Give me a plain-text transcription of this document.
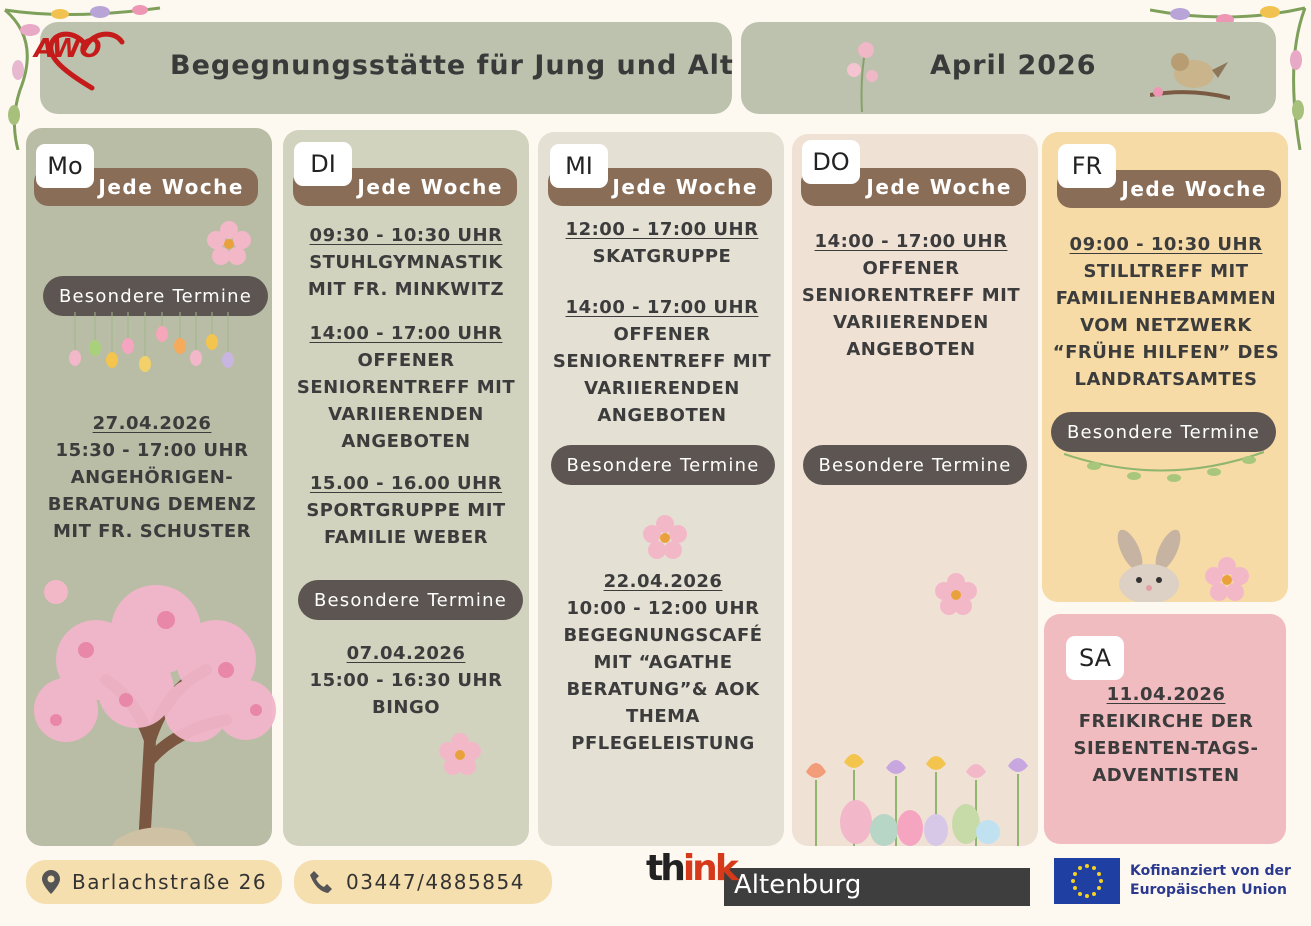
AWO
Begegnungsstätte für Jung und Alt	April 2026
Mo
Jede Woche
Besondere Termine
27.04.2026
15:30 - 17:00 UHR
ANGEHÖRIGEN-
BERATUNG DEMENZ
MIT FR. SCHUSTER
DI
Jede Woche
09:30 - 10:30 UHR
STUHLGYMNASTIK
MIT FR. MINKWITZ
14:00 - 17:00 UHR
OFFENER
SENIORENTREFF MIT
VARIIERENDEN
ANGEBOTEN
15.00 - 16.00 UHR
SPORTGRUPPE MIT
FAMILIE WEBER
Besondere Termine
07.04.2026
15:00 - 16:30 UHR
BINGO
MI
Jede Woche
12:00 - 17:00 UHR
SKATGRUPPE
14:00 - 17:00 UHR
OFFENER
SENIORENTREFF MIT
VARIIERENDEN
ANGEBOTEN
Besondere Termine
22.04.2026
10:00 - 12:00 UHR
BEGEGNUNGSCAFÉ
MIT “AGATHE
BERATUNG”& AOK
THEMA
PFLEGELEISTUNG
DO
Jede Woche
14:00 - 17:00 UHR
OFFENER
SENIORENTREFF MIT
VARIIERENDEN
ANGEBOTEN
Besondere Termine
FR
Jede Woche
09:00 - 10:30 UHR
STILLTREFF MIT
FAMILIENHEBAMMEN
VOM NETZWERK
“FRÜHE HILFEN” DES
LANDRATSAMTES
Besondere Termine
SA
11.04.2026
FREIKIRCHE DER
SIEBENTEN-TAGS-
ADVENTISTEN
Barlachstraße 26	03447/4885854	think
Altenburg	Kofinanziert von der
Europäischen Union
